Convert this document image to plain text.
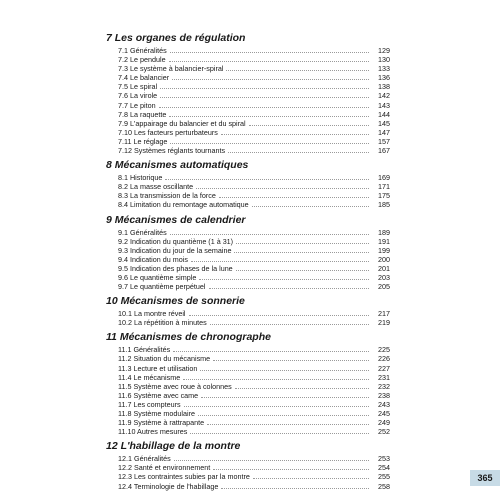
7 Les organes de régulation
7.1 Généralités	129
7.2 Le pendule	130
7.3 Le système à balancier-spiral	133
7.4 Le balancier	136
7.5 Le spiral	138
7.6 La virole	142
7.7 Le piton	143
7.8 La raquette	144
7.9 L'appairage du balancier et du spiral	145
7.10 Les facteurs perturbateurs	147
7.11 Le réglage	157
7.12 Systèmes réglants tournants	167
8 Mécanismes automatiques
8.1 Historique	169
8.2 La masse oscillante	171
8.3 La transmission de la force	175
8.4 Limitation du remontage automatique	185
9 Mécanismes de calendrier
9.1 Généralités	189
9.2 Indication du quantième (1 à 31)	191
9.3 Indication du jour de la semaine	199
9.4 Indication du mois	200
9.5 Indication des phases de la lune	201
9.6 Le quantième simple	203
9.7 Le quantième perpétuel	205
10 Mécanismes de sonnerie
10.1 La montre réveil	217
10.2 La répétition à minutes	219
11 Mécanismes de chronographe
11.1 Généralités	225
11.2 Situation du mécanisme	226
11.3 Lecture et utilisation	227
11.4 Le mécanisme	231
11.5 Système avec roue à colonnes	232
11.6 Système avec came	238
11.7 Les compteurs	243
11.8 Système modulaire	245
11.9 Système à rattrapante	249
11.10 Autres mesures	252
12 L'habillage de la montre
12.1 Généralités	253
12.2 Santé et environnement	254
12.3 Les contraintes subies par la montre	255
12.4 Terminologie de l'habillage	258
365
